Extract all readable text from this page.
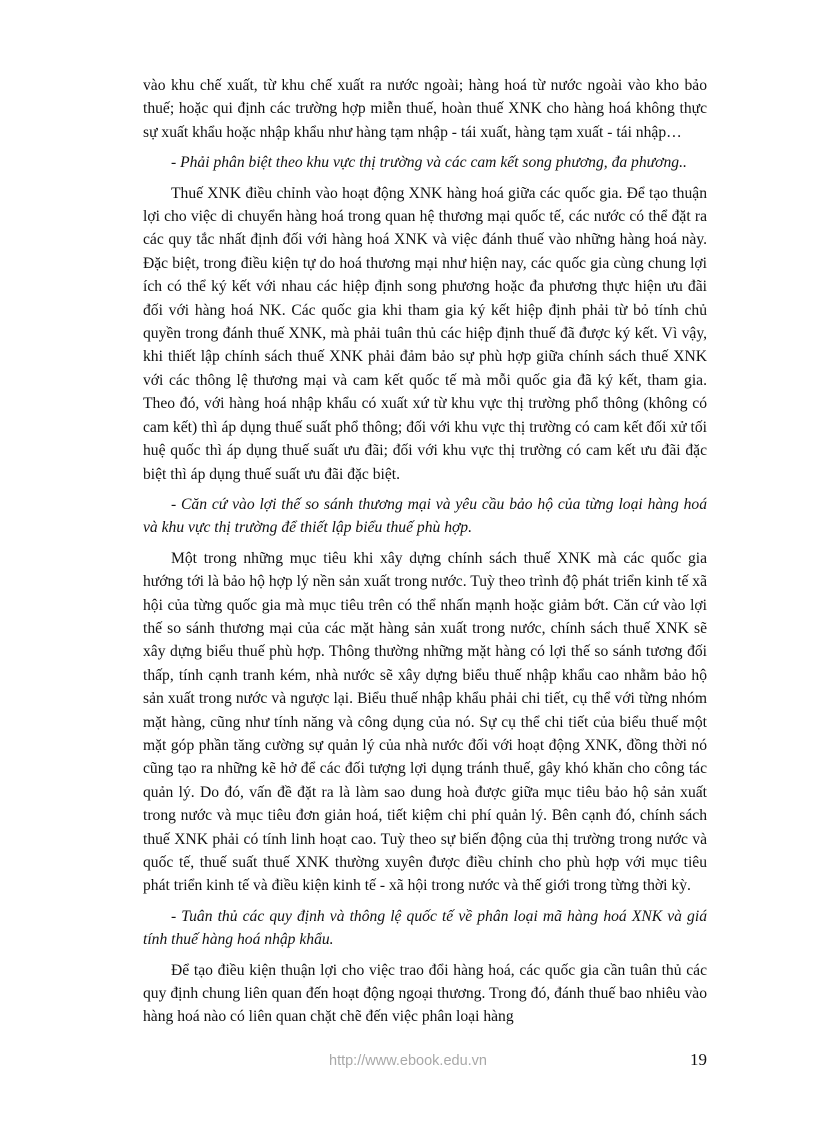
vào khu chế xuất, từ khu chế xuất ra nước ngoài; hàng hoá từ nước ngoài vào kho bảo thuế; hoặc qui định các trường hợp miễn thuế, hoàn thuế XNK cho hàng hoá không thực sự xuất khẩu hoặc nhập khẩu như hàng tạm nhập - tái xuất, hàng tạm xuất - tái nhập…

- Phải phân biệt theo khu vực thị trường và các cam kết song phương, đa phương..

Thuế XNK điều chỉnh vào hoạt động XNK hàng hoá giữa các quốc gia. Để tạo thuận lợi cho việc di chuyển hàng hoá trong quan hệ thương mại quốc tế, các nước có thể đặt ra các quy tắc nhất định đối với hàng hoá XNK và việc đánh thuế vào những hàng hoá này. Đặc biệt, trong điều kiện tự do hoá thương mại như hiện nay, các quốc gia cùng chung lợi ích có thể ký kết với nhau các hiệp định song phương hoặc đa phương thực hiện ưu đãi đối với hàng hoá NK. Các quốc gia khi tham gia ký kết hiệp định phải từ bỏ tính chủ quyền trong đánh thuế XNK, mà phải tuân thủ các hiệp định thuế đã được ký kết. Vì vậy, khi thiết lập chính sách thuế XNK phải đảm bảo sự phù hợp giữa chính sách thuế XNK với các thông lệ thương mại và cam kết quốc tế mà mỗi quốc gia đã ký kết, tham gia. Theo đó, với hàng hoá nhập khẩu có xuất xứ từ khu vực thị trường phổ thông (không có cam kết) thì áp dụng thuế suất phổ thông; đối với khu vực thị trường có cam kết đối xử tối huệ quốc thì áp dụng thuế suất ưu đãi; đối với khu vực thị trường có cam kết ưu đãi đặc biệt thì áp dụng thuế suất ưu đãi đặc biệt.

- Căn cứ vào lợi thế so sánh thương mại và yêu cầu bảo hộ của từng loại hàng hoá và khu vực thị trường để thiết lập biểu thuế phù hợp.

Một trong những mục tiêu khi xây dựng chính sách thuế XNK mà các quốc gia hướng tới là bảo hộ hợp lý nền sản xuất trong nước. Tuỳ theo trình độ phát triển kinh tế xã hội của từng quốc gia mà mục tiêu trên có thể nhấn mạnh hoặc giảm bớt. Căn cứ vào lợi thế so sánh thương mại của các mặt hàng sản xuất trong nước, chính sách thuế XNK sẽ xây dựng biểu thuế phù hợp. Thông thường những mặt hàng có lợi thế so sánh tương đối thấp, tính cạnh tranh kém, nhà nước sẽ xây dựng biểu thuế nhập khẩu cao nhằm bảo hộ sản xuất trong nước và ngược lại. Biểu thuế nhập khẩu phải chi tiết, cụ thể với từng nhóm mặt hàng, cũng như tính năng và công dụng của nó. Sự cụ thể chi tiết của biểu thuế một mặt góp phần tăng cường sự quản lý của nhà nước đối với hoạt động XNK, đồng thời nó cũng tạo ra những kẽ hở để các đối tượng lợi dụng tránh thuế, gây khó khăn cho công tác quản lý. Do đó, vấn đề đặt ra là làm sao dung hoà được giữa mục tiêu bảo hộ sản xuất trong nước và mục tiêu đơn giản hoá, tiết kiệm chi phí quản lý. Bên cạnh đó, chính sách thuế XNK phải có tính linh hoạt cao. Tuỳ theo sự biến động của thị trường trong nước và quốc tế, thuế suất thuế XNK thường xuyên được điều chỉnh cho phù hợp với mục tiêu phát triển kinh tế và điều kiện kinh tế - xã hội trong nước và thế giới trong từng thời kỳ.

- Tuân thủ các quy định và thông lệ quốc tế về phân loại mã hàng hoá XNK và giá tính thuế hàng hoá nhập khẩu.

Để tạo điều kiện thuận lợi cho việc trao đổi hàng hoá, các quốc gia cần tuân thủ các quy định chung liên quan đến hoạt động ngoại thương. Trong đó, đánh thuế bao nhiêu vào hàng hoá nào có liên quan chặt chẽ đến việc phân loại hàng

http://www.ebook.edu.vn	19
